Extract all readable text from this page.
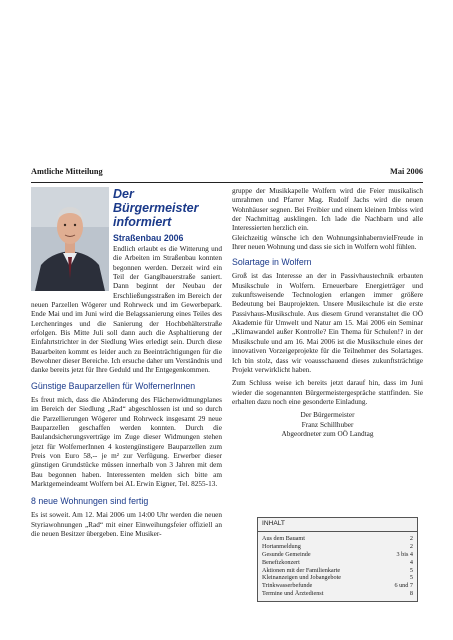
Amtliche Mitteilung	Mai 2006
Der Bürgermeister
informiert
Straßenbau 2006

Endlich erlaubt es die Witterung und die Arbeiten im Straßenbau konnten begonnen werden. Derzeit wird ein Teil der Ganglbauerstraße saniert. Dann beginnt der Neubau der Erschließungsstraßen im Bereich der neuen Parzellen Wögerer und Rohrweck und im Gewerbepark. Ende Mai und im Juni wird die Belagssanierung eines Teiles des Lerchenringes und die Sanierung der Hochbehälterstraße erfolgen. Bis Mitte Juli soll dann auch die Asphaltierung der Einfahrtstrichter in der Siedlung Wies erledigt sein. Durch diese Bauarbeiten kommt es leider auch zu Beeinträchtigungen für die Bewohner dieser Bereiche. Ich ersuche daher um Verständnis und danke bereits jetzt für Ihre Geduld und Ihr Entgegenkommen.

Günstige Bauparzellen für WolfernerInnen

Es freut mich, dass die Abänderung des Flächenwidmungplanes im Bereich der Siedlung „Rad“ abgeschlossen ist und so durch die Parzellierungen Wögerer und Rohrweck insgesamt 29 neue Bauparzellen geschaffen werden konnten. Durch die Baulandsicherungsverträge im Zuge dieser Widmungen stehen jetzt für WolfernerInnen 4 kostengünstigere Bauparzellen zum Preis von Euro 58,-- je m² zur Verfügung. Erwerber dieser günstigen Grundstücke müssen innerhalb von 3 Jahren mit dem Bau begonnen haben. Interessenten melden sich bitte am Marktgemeindeamt Wolfern bei AL Erwin Eigner, Tel. 8255-13.

8 neue Wohnungen sind fertig

Es ist soweit. Am 12. Mai 2006 um 14:00 Uhr werden die neuen Styriawohnungen „Rad“ mit einer Einweihungsfeier offiziell an die neuen Besitzer übergeben. Eine Musiker-

gruppe der Musikkapelle Wolfern wird die Feier musikalisch umrahmen und Pfarrer Mag. Rudolf Jachs wird die neuen Wohnhäuser segnen. Bei Freibier und einem kleinen Imbiss wird der Nachmittag ausklingen. Ich lade die Nachbarn und alle Interessierten herzlich ein.

Gleichzeitig wünsche ich den WohnungsinhabernvielFreude in Ihrer neuen Wohnung und dass sie sich in Wolfern wohl fühlen.

Solartage in Wolfern

Groß ist das Interesse an der in Passivhaustechnik erbauten Musikschule in Wolfern. Erneuerbare Energieträger und zukunftsweisende Technologien erlangen immer größere Bedeutung bei Bauprojekten. Unsere Musikschule ist die erste Passivhaus-Musikschule. Aus diesem Grund veranstaltet die OÖ Akademie für Umwelt und Natur am 15. Mai 2006 ein Seminar „Klimawandel außer Kontrolle? Ein Thema für Schulen!? in der Musikschule und am 16. Mai 2006 ist die Musikschule eines der innovativen Vorzeigeprojekte für die Teilnehmer des Solartages. Ich bin stolz, dass wir voausschauend dieses zukunftsträchtige Projekt verwirklicht haben.

Zum Schluss weise ich bereits jetzt darauf hin, dass im Juni wieder die sogenannten Bürgermeistergespräche stattfinden. Sie erhalten dazu noch eine gesonderte Einladung.

Der Bürgermeister

Franz Schillhuber

Abgeordneter zum OÖ Landtag

INHALT
Aus dem Bauamt	2
Hortanmeldung	2
Gesunde Gemeinde	3 bis 4
Benefizkonzert	4
Aktionen mit der Familienkarte	5
Kleinanzeigen und Jobangebote	5
Trinkwasserbefunde	6 und 7
Termine und Ärztedienst	8
